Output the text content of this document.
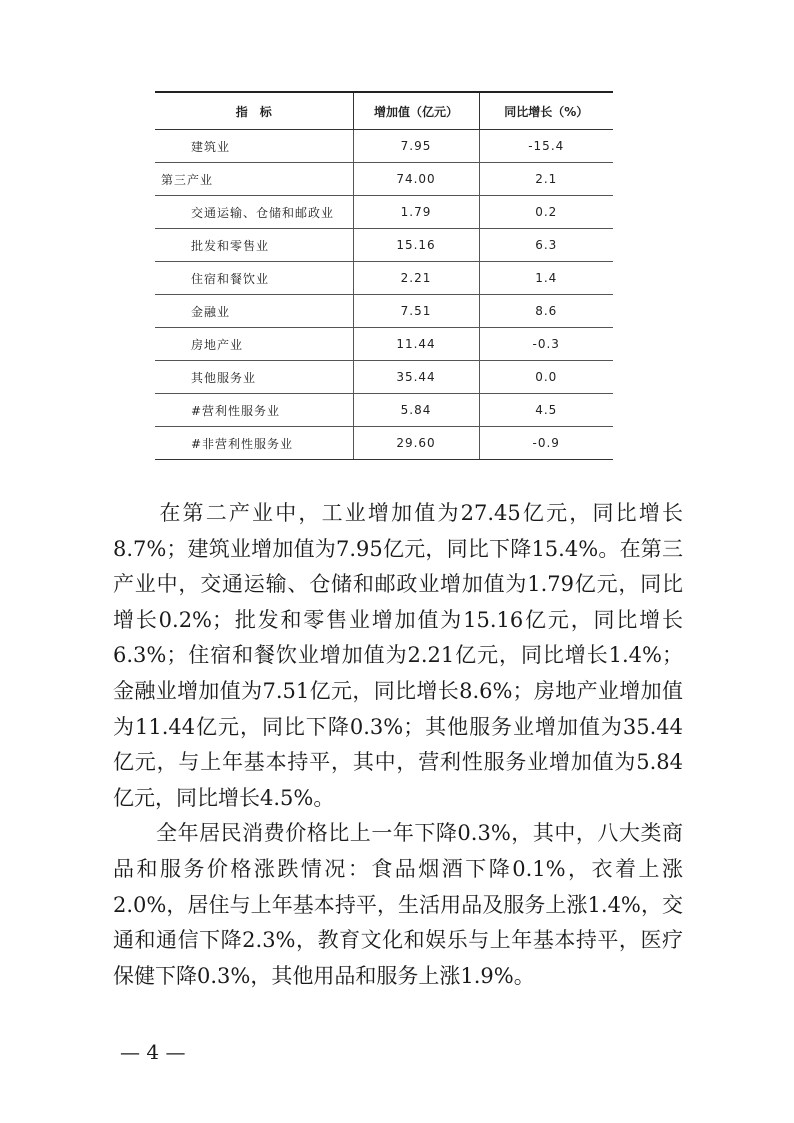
指　标	增加值（亿元）	同比增长（%）
建筑业	7.95	-15.4
第三产业	74.00	2.1
交通运输、仓储和邮政业	1.79	0.2
批发和零售业	15.16	6.3
住宿和餐饮业	2.21	1.4
金融业	7.51	8.6
房地产业	11.44	-0.3
其他服务业	35.44	0.0
#营利性服务业	5.84	4.5
#非营利性服务业	29.60	-0.9

　　在第二产业中，工业增加值为27.45亿元，同比增长8.7%；建筑业增加值为7.95亿元，同比下降15.4%。在第三产业中，交通运输、仓储和邮政业增加值为1.79亿元，同比增长0.2%；批发和零售业增加值为15.16亿元，同比增长6.3%；住宿和餐饮业增加值为2.21亿元，同比增长1.4%；金融业增加值为7.51亿元，同比增长8.6%；房地产业增加值为11.44亿元，同比下降0.3%；其他服务业增加值为35.44亿元，与上年基本持平，其中，营利性服务业增加值为5.84亿元，同比增长4.5%。

　　全年居民消费价格比上一年下降0.3%，其中，八大类商品和服务价格涨跌情况：食品烟酒下降0.1%，衣着上涨2.0%，居住与上年基本持平，生活用品及服务上涨1.4%，交通和通信下降2.3%，教育文化和娱乐与上年基本持平，医疗保健下降0.3%，其他用品和服务上涨1.9%。

— 4 —
